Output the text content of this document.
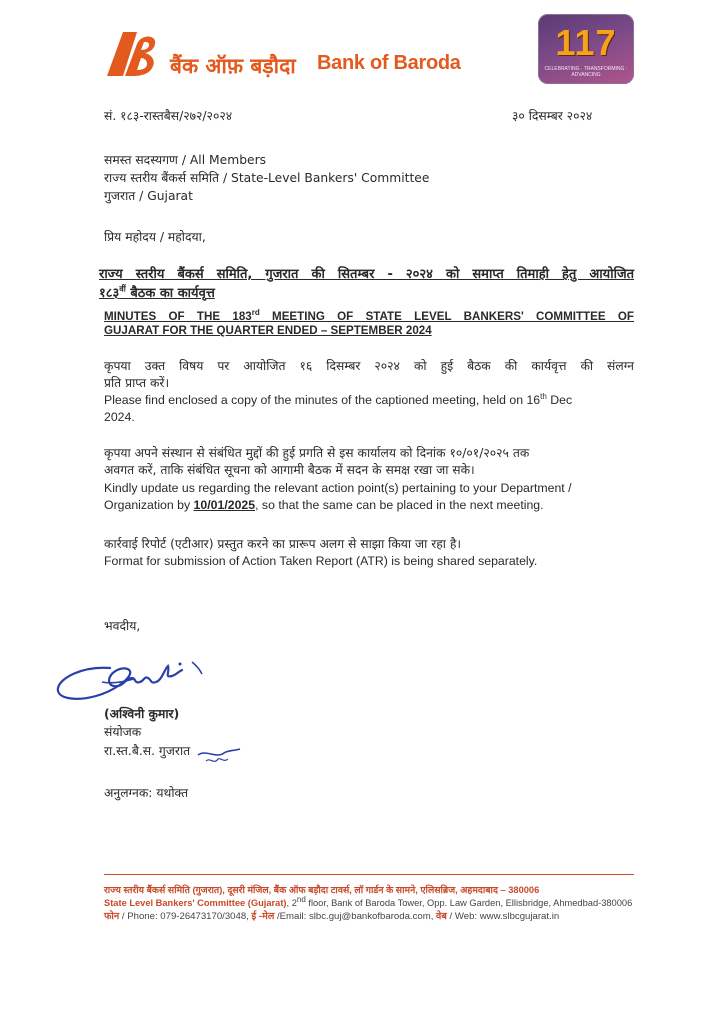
बैंक ऑफ़ बड़ौदा Bank of Baroda	117
CELEBRATING · TRANSFORMING · ADVANCING
सं. १८३-रास्तबैस/२७२/२०२४	३० दिसम्बर २०२४
समस्त सदस्यगण / All Members
राज्य स्तरीय बैंकर्स समिति / State-Level Bankers' Committee
गुजरात / Gujarat
प्रिय महोदय / महोदया,
राज्य स्तरीय बैंकर्स समिति, गुजरात की सितम्बर - २०२४ को समाप्त तिमाही हेतु आयोजित
$१८३^{वीं}$ बैठक का कार्यवृत्त
MINUTES OF THE 183rd MEETING OF STATE LEVEL BANKERS' COMMITTEE OF
GUJARAT FOR THE QUARTER ENDED – SEPTEMBER 2024
कृपया उक्त विषय पर आयोजित १६ दिसम्बर २०२४ को हुई बैठक की कार्यवृत्त की संलग्न
प्रति प्राप्त करें।
Please find enclosed a copy of the minutes of the captioned meeting, held on 16th Dec
2024.
कृपया अपने संस्थान से संबंधित मुद्दों की हुई प्रगति से इस कार्यालय को दिनांक १०/०१/२०२५ तक
अवगत करें, ताकि संबंधित सूचना को आगामी बैठक में सदन के समक्ष रखा जा सके।
Kindly update us regarding the relevant action point(s) pertaining to your Department /
Organization by 10/01/2025, so that the same can be placed in the next meeting.
कार्रवाई रिपोर्ट (एटीआर) प्रस्तुत करने का प्रारूप अलग से साझा किया जा रहा है।
Format for submission of Action Taken Report (ATR) is being shared separately.
भवदीय,
(अश्विनी कुमार)
संयोजक
रा.स्त.बै.स. गुजरात
अनुलग्नक: यथोक्त
राज्य स्तरीय बैंकर्स समिति (गुजरात), दूसरी मंजिल, बैंक ऑफ बड़ौदा टावर्स, लॉ गार्डन के सामने, एलिसब्रिज, अहमदाबाद – 380006
State Level Bankers' Committee (Gujarat), 2nd floor, Bank of Baroda Tower, Opp. Law Garden, Ellisbridge, Ahmedbad-380006
फोन / Phone: 079-26473170/3048, ई -मेल /Email: slbc.guj@bankofbaroda.com, वेब / Web: www.slbcgujarat.in
